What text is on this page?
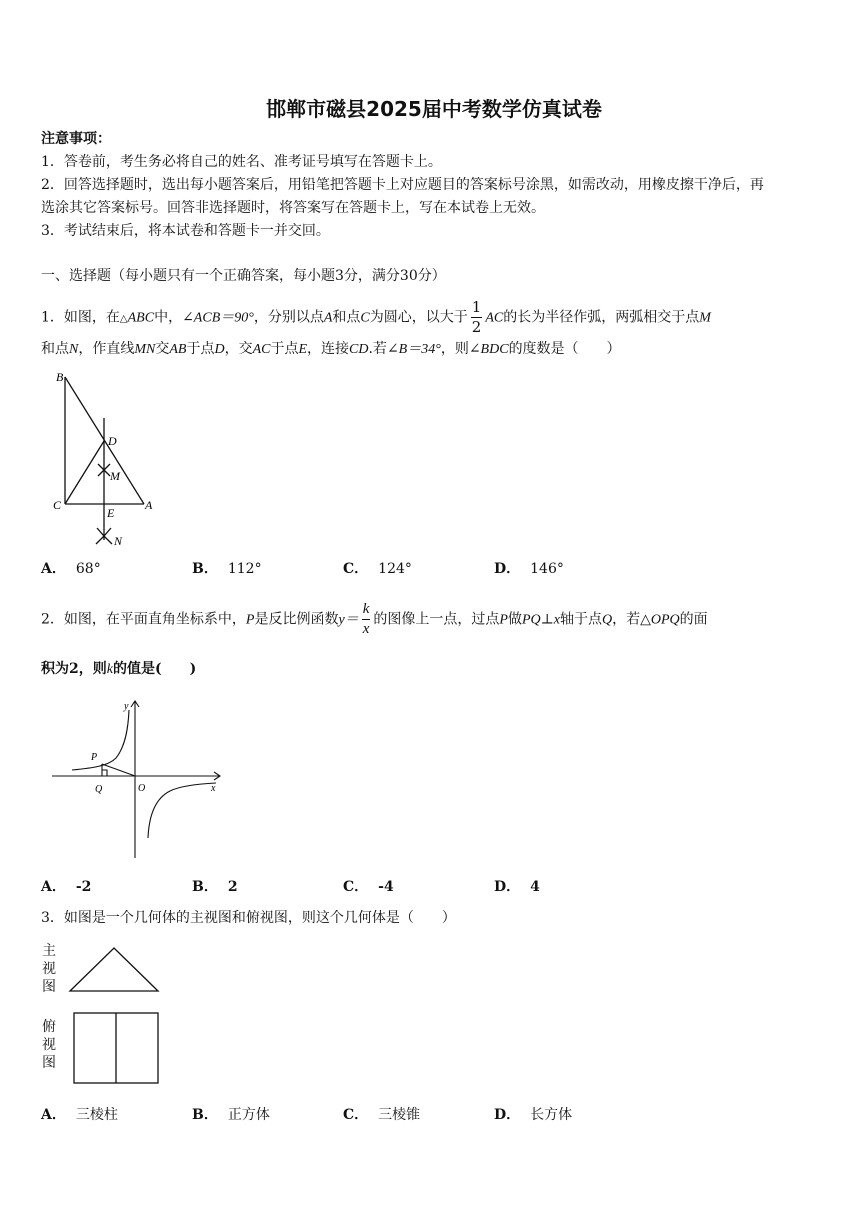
邯郸市磁县2025届中考数学仿真试卷
注意事项：
1．答卷前，考生务必将自己的姓名、准考证号填写在答题卡上。
2．回答选择题时，选出每小题答案后，用铅笔把答题卡上对应题目的答案标号涂黑，如需改动，用橡皮擦干净后，再
选涂其它答案标号。回答非选择题时，将答案写在答题卡上，写在本试卷上无效。
3．考试结束后，将本试卷和答题卡一并交回。
一、选择题（每小题只有一个正确答案，每小题3分，满分30分）
1．如图，在△ABC中，∠ACB＝90°，分别以点A和点C为圆心，以大于 $\frac{1}{2}$ AC的长为半径作弧，两弧相交于点M
和点N，作直线MN交AB于点D，交AC于点E，连接CD.若∠B＝34°，则∠BDC的度数是（　　）
B
D
M
C
E
A
N
A． 68°	B． 112°	C． 124°	D． 146°
2．如图，在平面直角坐标系中，P是反比例函数$y= \frac{k}{x}$ 的图像上一点，过点P做PQ⊥x轴于点Q，若△OPQ的面
积为2，则k的值是(　　)
y
P
Q	O	x
A． -2	B． 2	C． -4	D． 4
3．如图是一个几何体的主视图和俯视图，则这个几何体是（　　）
主
视
图
俯
视
图
A． 三棱柱	B． 正方体	C． 三棱锥	D． 长方体
